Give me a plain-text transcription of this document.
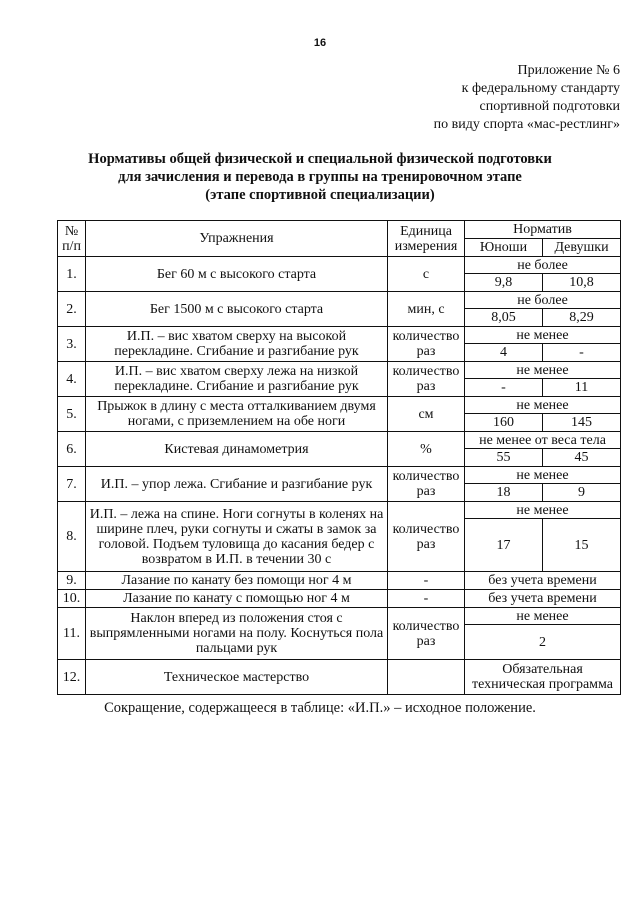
16
Приложение № 6
к федеральному стандарту
спортивной подготовки
по виду спорта «мас-рестлинг»
Нормативы общей физической и специальной физической подготовки
для зачисления и перевода в группы на тренировочном этапе
(этапе спортивной специализации)
№ п/п	Упражнения	Единица измерения	Норматив	
			Юноши	Девушки
1.	Бег 60 м с высокого старта	с	не более	
			9,8	10,8
2.	Бег 1500 м с высокого старта	мин, с	не более	
			8,05	8,29
3.	И.П. – вис хватом сверху на высокой перекладине. Сгибание и разгибание рук	количество раз	не менее	
			4	-
4.	И.П. – вис хватом сверху лежа на низкой перекладине. Сгибание и разгибание рук	количество раз	не менее	
			-	11
5.	Прыжок в длину с места отталкиванием двумя ногами, с приземлением на обе ноги	см	не менее	
			160	145
6.	Кистевая динамометрия	%	не менее от веса тела	
			55	45
7.	И.П. – упор лежа. Сгибание и разгибание рук	количество раз	не менее	
			18	9
8.	И.П. – лежа на спине. Ноги согнуты в коленях на ширине плеч, руки согнуты и сжаты в замок за головой. Подъем туловища до касания бедер с возвратом в И.П. в течении 30 с	количество раз	не менее	
			17	15
9.	Лазание по канату без помощи ног 4 м	-	без учета времени	
10.	Лазание по канату с помощью ног 4 м	-	без учета времени	
11.	Наклон вперед из положения стоя с выпрямленными ногами на полу. Коснуться пола пальцами рук	количество раз	не менее	
			2	
12.	Техническое мастерство		Обязательная техническая программа	
Сокращение, содержащееся в таблице: «И.П.» – исходное положение.
